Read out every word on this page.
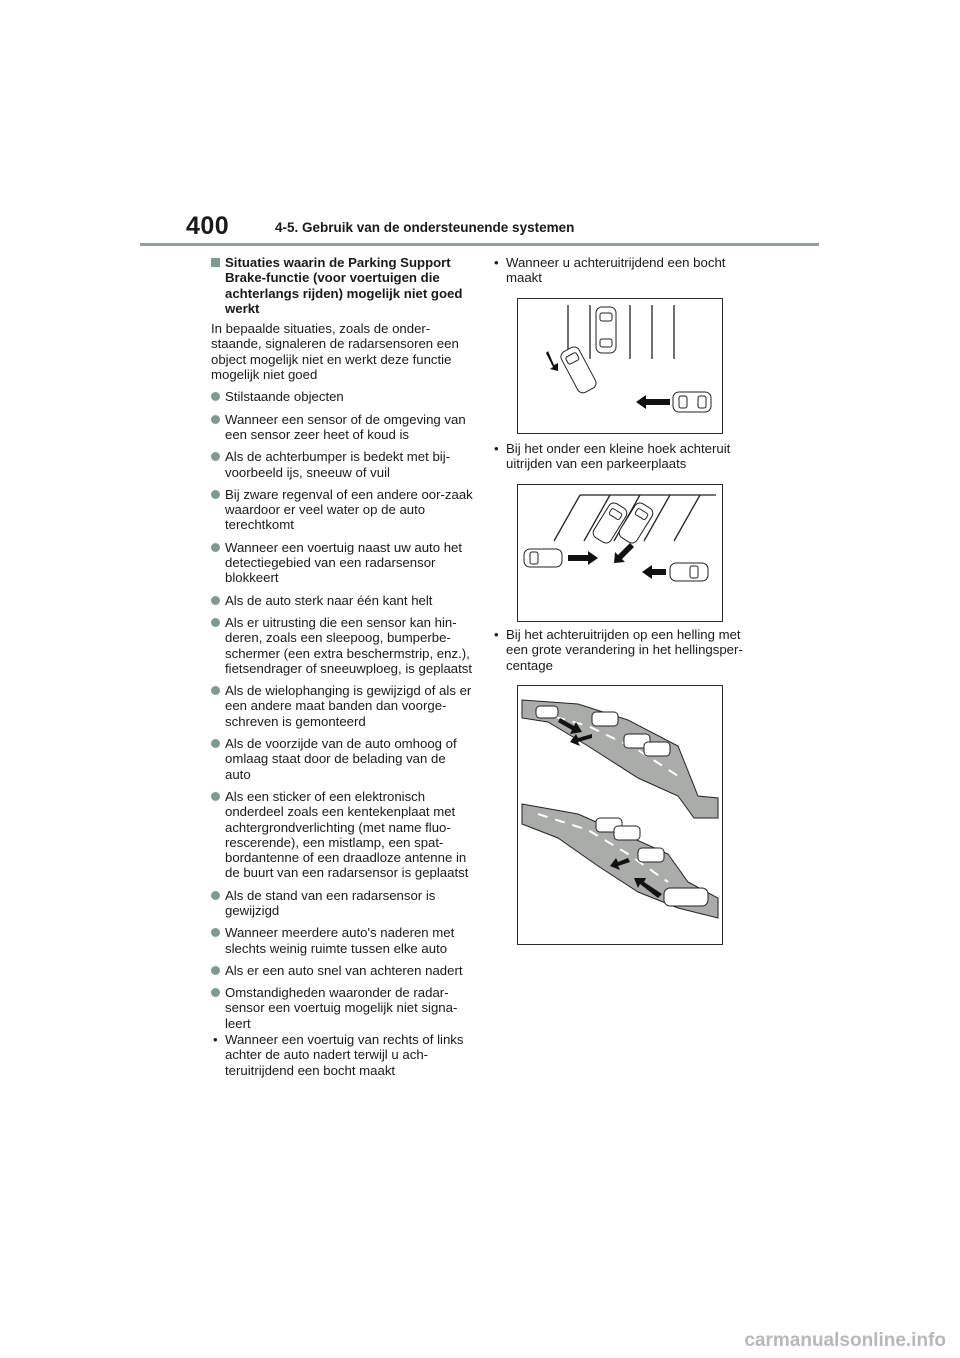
400	4-5. Gebruik van de ondersteunende systemen
Situaties waarin de Parking Support Brake-functie (voor voertuigen die achterlangs rijden) mogelijk niet goed werkt

In bepaalde situaties, zoals de onder-staande, signaleren de radarsensoren een object mogelijk niet en werkt deze functie mogelijk niet goed

Stilstaande objecten
Wanneer een sensor of de omgeving van een sensor zeer heet of koud is
Als de achterbumper is bedekt met bij-voorbeeld ijs, sneeuw of vuil
Bij zware regenval of een andere oor-zaak waardoor er veel water op de auto terechtkomt
Wanneer een voertuig naast uw auto het detectiegebied van een radarsensor blokkeert
Als de auto sterk naar één kant helt
Als er uitrusting die een sensor kan hin-deren, zoals een sleepoog, bumperbe-schermer (een extra beschermstrip, enz.), fietsendrager of sneeuwploeg, is geplaatst
Als de wielophanging is gewijzigd of als er een andere maat banden dan voorge-schreven is gemonteerd
Als de voorzijde van de auto omhoog of omlaag staat door de belading van de auto
Als een sticker of een elektronisch onderdeel zoals een kentekenplaat met achtergrondverlichting (met name fluo-rescerende), een mistlamp, een spat-bordantenne of een draadloze antenne in de buurt van een radarsensor is geplaatst
Als de stand van een radarsensor is gewijzigd
Wanneer meerdere auto's naderen met slechts weinig ruimte tussen elke auto
Als er een auto snel van achteren nadert
Omstandigheden waaronder de radar-sensor een voertuig mogelijk niet signa-leert
• Wanneer een voertuig van rechts of links achter de auto nadert terwijl u ach-teruitrijdend een bocht maakt
• Wanneer u achteruitrijdend een bocht maakt
• Bij het onder een kleine hoek achteruit uitrijden van een parkeerplaats
• Bij het achteruitrijden op een helling met een grote verandering in het hellingsper-centage
carmanualsonline.info
